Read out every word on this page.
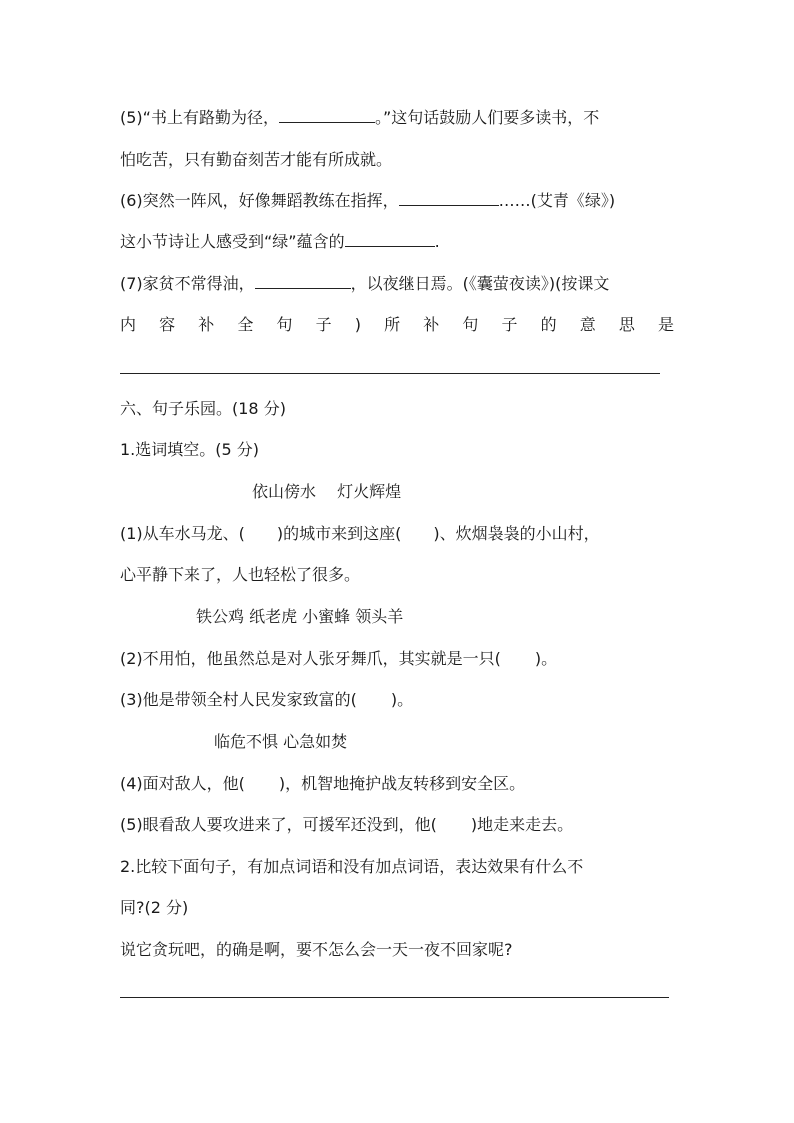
(5)“书上有路勤为径，	。”这句话鼓励人们要多读书，不
怕吃苦，只有勤奋刻苦才能有所成就。
(6)突然一阵风，好像舞蹈教练在指挥，	……(艾青《绿》)
这小节诗让人感受到“绿”蕴含的	.
(7)家贫不常得油，	，以夜继日焉。(《囊萤夜读》)(按课文
内 容 补 全 句 子 ) 所 补 句 子 的 意 思 是
六、句子乐园。(18 分)
1.选词填空。(5 分)
依山傍水　 灯火辉煌
(1)从车水马龙、( )的城市来到这座( )、炊烟袅袅的小山村，
心平静下来了，人也轻松了很多。
铁公鸡 纸老虎 小蜜蜂 领头羊
(2)不用怕，他虽然总是对人张牙舞爪，其实就是一只( )。
(3)他是带领全村人民发家致富的( )。
临危不惧 心急如焚
(4)面对敌人，他( )，机智地掩护战友转移到安全区。
(5)眼看敌人要攻进来了，可援军还没到，他( )地走来走去。
2.比较下面句子，有加点词语和没有加点词语，表达效果有什么不
同?(2 分)
说它贪玩吧，的确是啊，要不怎么会一天一夜不回家呢?
